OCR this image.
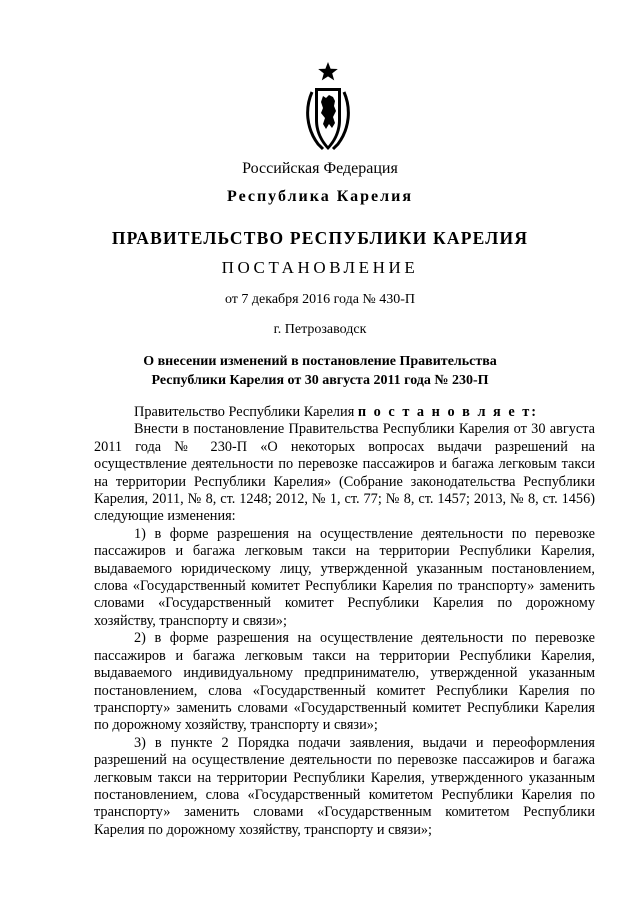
Российская Федерация
Республика Карелия
ПРАВИТЕЛЬСТВО РЕСПУБЛИКИ КАРЕЛИЯ
ПОСТАНОВЛЕНИЕ
от 7 декабря 2016 года № 430-П
г. Петрозаводск
О внесении изменений в постановление Правительства
Республики Карелия от 30 августа 2011 года № 230-П

Правительство Республики Карелия п о с т а н о в л я е т:

Внести в постановление Правительства Республики Карелия от 30 августа 2011 года № 230-П «О некоторых вопросах выдачи разрешений на осуществление деятельности по перевозке пассажиров и багажа легковым такси на территории Республики Карелия» (Собрание законодательства Республики Карелия, 2011, № 8, ст. 1248; 2012, № 1, ст. 77; № 8, ст. 1457; 2013, № 8, ст. 1456) следующие изменения:

1) в форме разрешения на осуществление деятельности по перевозке пассажиров и багажа легковым такси на территории Республики Карелия, выдаваемого юридическому лицу, утвержденной указанным постановлением, слова «Государственный комитет Республики Карелия по транспорту» заменить словами «Государственный комитет Республики Карелия по дорожному хозяйству, транспорту и связи»;

2) в форме разрешения на осуществление деятельности по перевозке пассажиров и багажа легковым такси на территории Республики Карелия, выдаваемого индивидуальному предпринимателю, утвержденной указанным постановлением, слова «Государственный комитет Республики Карелия по транспорту» заменить словами «Государственный комитет Республики Карелия по дорожному хозяйству, транспорту и связи»;

3) в пункте 2 Порядка подачи заявления, выдачи и переоформления разрешений на осуществление деятельности по перевозке пассажиров и багажа легковым такси на территории Республики Карелия, утвержденного указанным постановлением, слова «Государственный комитетом Республики Карелия по транспорту» заменить словами «Государственным комитетом Республики Карелия по дорожному хозяйству, транспорту и связи»;
